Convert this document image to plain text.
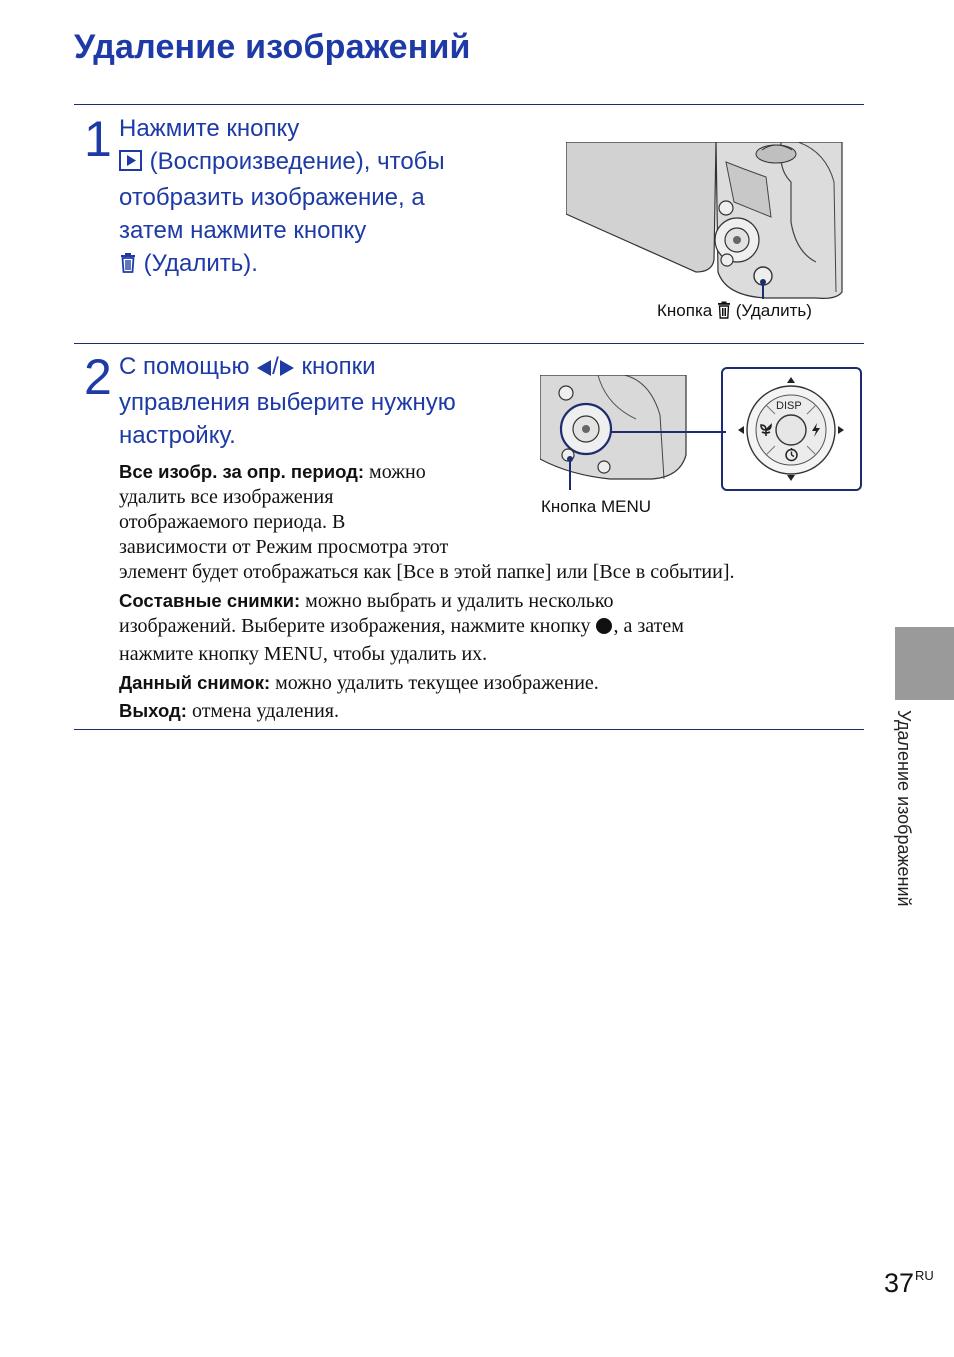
Удаление изображений
1 Нажмите кнопку
(Воспроизведение), чтобы
отобразить изображение, а
затем нажмите кнопку
(Удалить).
Кнопка (Удалить)
2 С помощью / кнопки
управления выберите нужную
настройку.
DISP
Кнопка MENU
Все изобр. за опр. период: можно
удалить все изображения
отображаемого периода. В
зависимости от Режим просмотра этот
элемент будет отображаться как [Все в этой папке] или [Все в событии].
Составные снимки: можно выбрать и удалить несколько
изображений. Выберите изображения, нажмите кнопку , а затем
нажмите кнопку MENU, чтобы удалить их.
Данный снимок: можно удалить текущее изображение.
Выход: отмена удаления.	Удаление изображений
$37^{RU}$
